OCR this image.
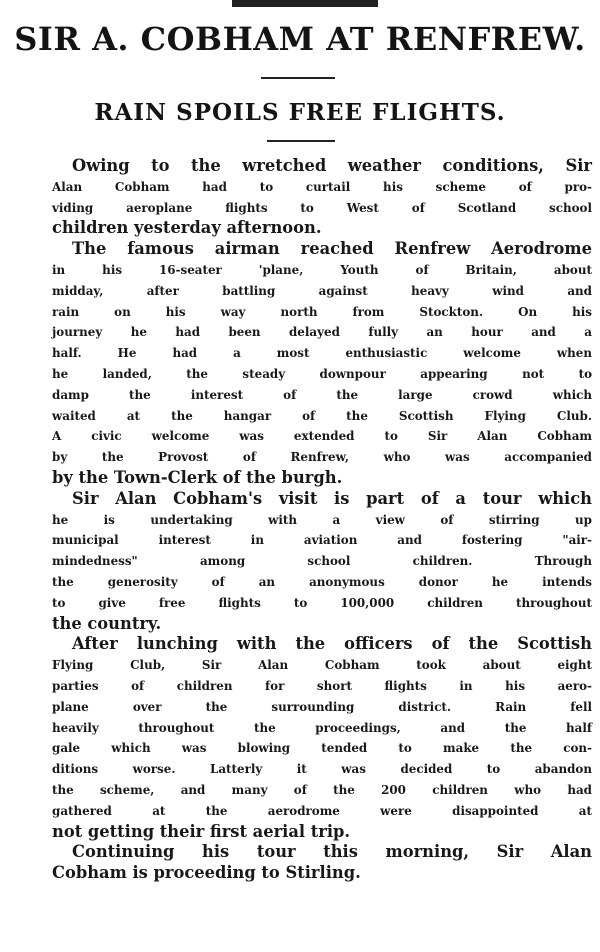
SIR A. COBHAM AT RENFREW.
RAIN SPOILS FREE FLIGHTS.

Owing to the wretched weather conditions, Sir
Alan Cobham had to curtail his scheme of pro-
viding aeroplane flights to West of Scotland school
children yesterday afternoon.

The famous airman reached Renfrew Aerodrome
in his 16-seater 'plane, Youth of Britain, about
midday, after battling against heavy wind and
rain on his way north from Stockton. On his
journey he had been delayed fully an hour and a
half. He had a most enthusiastic welcome when
he landed, the steady downpour appearing not to
damp the interest of the large crowd which
waited at the hangar of the Scottish Flying Club.
A civic welcome was extended to Sir Alan Cobham
by the Provost of Renfrew, who was accompanied
by the Town-Clerk of the burgh.

Sir Alan Cobham's visit is part of a tour which
he is undertaking with a view of stirring up
municipal interest in aviation and fostering "air-
mindedness" among school children. Through
the generosity of an anonymous donor he intends
to give free flights to 100,000 children throughout
the country.

After lunching with the officers of the Scottish
Flying Club, Sir Alan Cobham took about eight
parties of children for short flights in his aero-
plane over the surrounding district. Rain fell
heavily throughout the proceedings, and the half
gale which was blowing tended to make the con-
ditions worse. Latterly it was decided to abandon
the scheme, and many of the 200 children who had
gathered at the aerodrome were disappointed at
not getting their first aerial trip.

Continuing his tour this morning, Sir Alan
Cobham is proceeding to Stirling.
